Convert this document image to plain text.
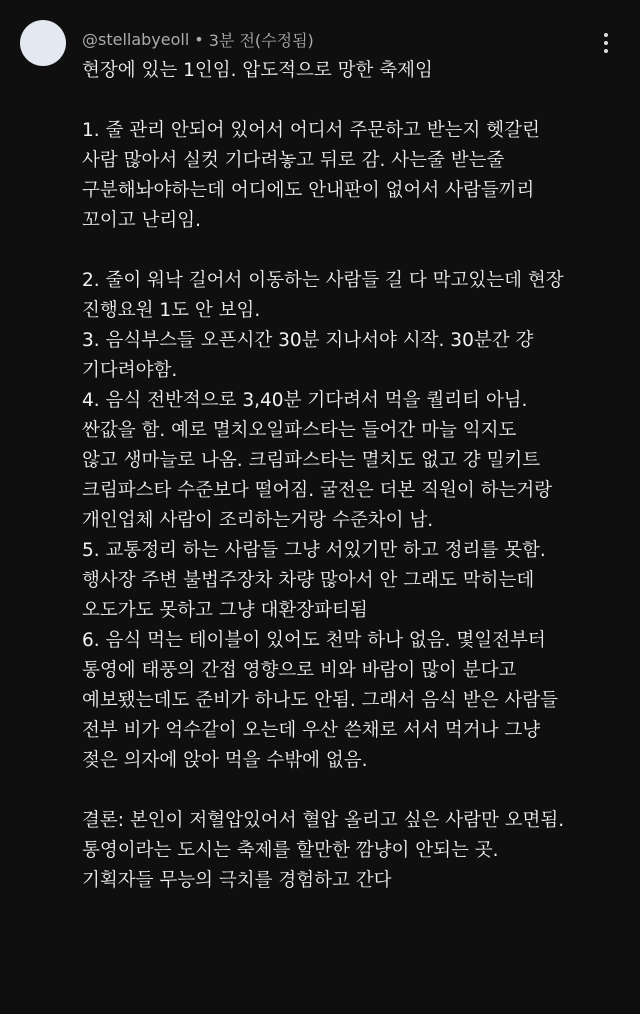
@stellabyeoll • 3분 전(수정됨)
현장에 있는 1인임. 압도적으로 망한 축제임
1. 줄 관리 안되어 있어서 어디서 주문하고 받는지 헷갈린
사람 많아서 실컷 기다려놓고 뒤로 감. 사는줄 받는줄
구분해놔야하는데 어디에도 안내판이 없어서 사람들끼리
꼬이고 난리임.
2. 줄이 워낙 길어서 이동하는 사람들 길 다 막고있는데 현장
진행요원 1도 안 보임.
3. 음식부스들 오픈시간 30분 지나서야 시작. 30분간 걍
기다려야함.
4. 음식 전반적으로 3,40분 기다려서 먹을 퀄리티 아님.
싼값을 함. 예로 멸치오일파스타는 들어간 마늘 익지도
않고 생마늘로 나옴. 크림파스타는 멸치도 없고 걍 밀키트
크림파스타 수준보다 떨어짐. 굴전은 더본 직원이 하는거랑
개인업체 사람이 조리하는거랑 수준차이 남.
5. 교통정리 하는 사람들 그냥 서있기만 하고 정리를 못함.
행사장 주변 불법주장차 차량 많아서 안 그래도 막히는데
오도가도 못하고 그냥 대환장파티됨
6. 음식 먹는 테이블이 있어도 천막 하나 없음. 몇일전부터
통영에 태풍의 간접 영향으로 비와 바람이 많이 분다고
예보됐는데도 준비가 하나도 안됨. 그래서 음식 받은 사람들
전부 비가 억수같이 오는데 우산 쓴채로 서서 먹거나 그냥
젖은 의자에 앉아 먹을 수밖에 없음.
결론: 본인이 저혈압있어서 혈압 올리고 싶은 사람만 오면됨.
통영이라는 도시는 축제를 할만한 깜냥이 안되는 곳.
기획자들 무능의 극치를 경험하고 간다
